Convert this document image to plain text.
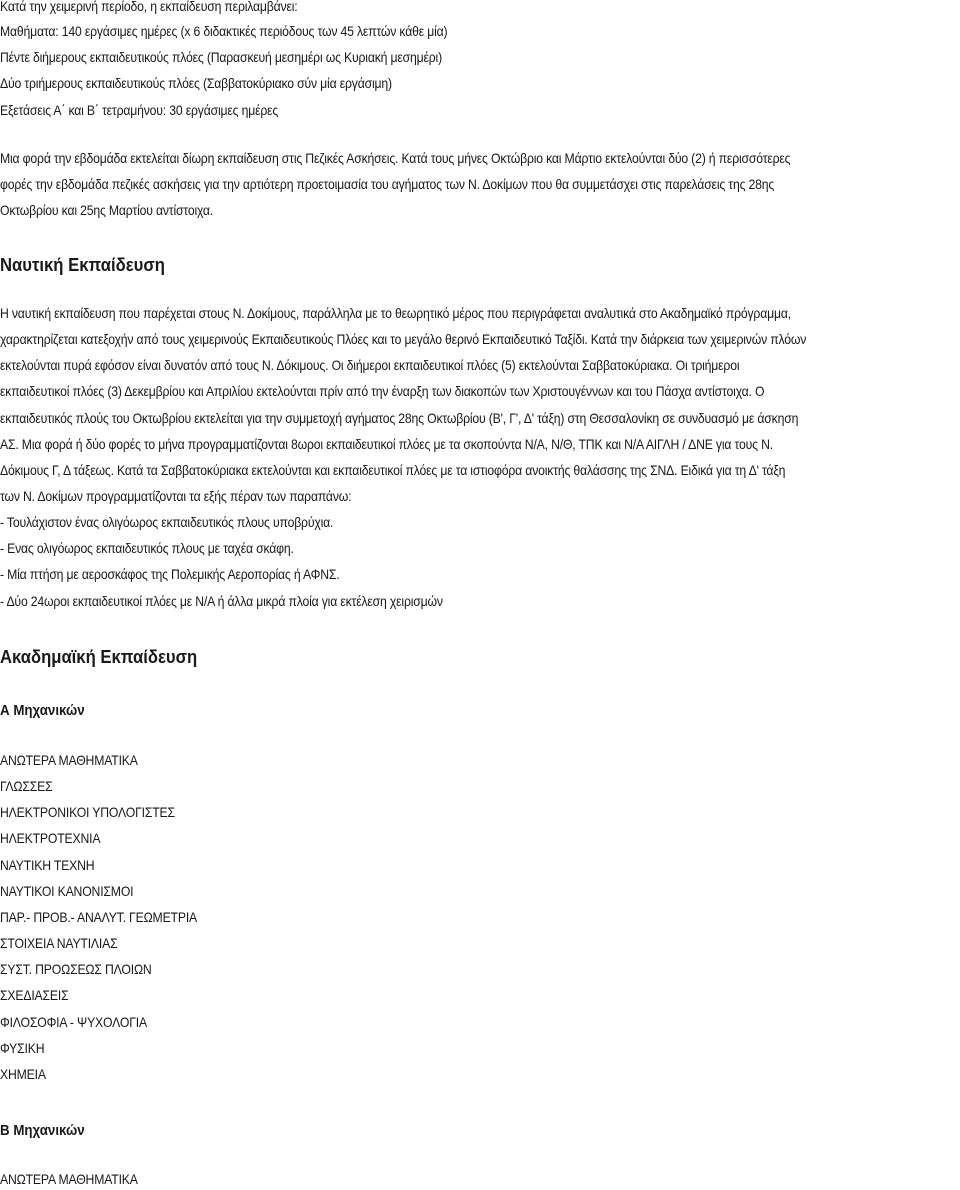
Κατά την χειμερινή περίοδο, η εκπαίδευση περιλαμβάνει:

Μαθήματα: 140 εργάσιμες ημέρες (x 6 διδακτικές περιόδους των 45 λεπτών κάθε μία)

Πέντε διήμερους εκπαιδευτικούς πλόες (Παρασκευή μεσημέρι ως Κυριακή μεσημέρι)

Δύο τριήμερους εκπαιδευτικούς πλόες (Σαββατοκύριακο σύν μία εργάσιμη)

Εξετάσεις Α΄ και Β΄ τετραμήνου: 30 εργάσιμες ημέρες

Μια φορά την εβδομάδα εκτελείται δίωρη εκπαίδευση στις Πεζικές Ασκήσεις. Κατά τους μήνες Οκτώβριο και Μάρτιο εκτελούνται δύο (2) ή περισσότερες

φορές την εβδομάδα πεζικές ασκήσεις για την αρτιότερη προετοιμασία του αγήματος των Ν. Δοκίμων που θα συμμετάσχει στις παρελάσεις της 28ης

Οκτωβρίου και 25ης Μαρτίου αντίστοιχα.

Ναυτική Εκπαίδευση

Η ναυτική εκπαίδευση που παρέχεται στους Ν. Δοκίμους, παράλληλα με το θεωρητικό μέρος που περιγράφεται αναλυτικά στο Ακαδημαϊκό πρόγραμμα,

χαρακτηρίζεται κατεξοχήν από τους χειμερινούς Εκπαιδευτικούς Πλόες και το μεγάλο θερινό Εκπαιδευτικό Ταξίδι. Κατά την διάρκεια των χειμερινών πλόων

εκτελούνται πυρά εφόσον είναι δυνατόν από τους Ν. Δόκιμους. Οι διήμεροι εκπαιδευτικοί πλόες (5) εκτελούνται Σαββατοκύριακα. Οι τριήμεροι

εκπαιδευτικοί πλόες (3) Δεκεμβρίου και Απριλίου εκτελούνται πρίν από την έναρξη των διακοπών των Χριστουγέννων και του Πάσχα αντίστοιχα. Ο

εκπαιδευτικός πλούς του Οκτωβρίου εκτελείται για την συμμετοχή αγήματος 28ης Οκτωβρίου (Β', Γ', Δ' τάξη) στη Θεσσαλονίκη σε συνδυασμό με άσκηση

ΑΣ. Μια φορά ή δύο φορές το μήνα προγραμματίζονται 8ωροι εκπαιδευτικοί πλόες με τα σκοπούντα Ν/Α, Ν/Θ, ΤΠΚ και Ν/Α ΑΙΓΛΗ / ΔΝΕ για τους Ν.

Δόκιμους Γ, Δ τάξεως. Κατά τα Σαββατοκύριακα εκτελούνται και εκπαιδευτικοί πλόες με τα ιστιοφόρα ανοικτής θαλάσσης της ΣΝΔ. Ειδικά για τη Δ' τάξη

των Ν. Δοκίμων προγραμματίζονται τα εξής πέραν των παραπάνω:

- Τουλάχιστον ένας ολιγόωρος εκπαιδευτικός πλους υποβρύχια.

- Ενας ολιγόωρος εκπαιδευτικός πλους με ταχέα σκάφη.

- Μία πτήση με αεροσκάφος της Πολεμικής Αεροπορίας ή ΑΦΝΣ.

- Δύο 24ωροι εκπαιδευτικοί πλόες με Ν/Α ή άλλα μικρά πλοία για εκτέλεση χειρισμών

Ακαδημαϊκή Εκπαίδευση
Α Μηχανικών

ΑΝΩΤΕΡΑ ΜΑΘΗΜΑΤΙΚΑ

ΓΛΩΣΣΕΣ

ΗΛΕΚΤΡΟΝΙΚΟΙ ΥΠΟΛΟΓΙΣΤΕΣ

ΗΛΕΚΤΡΟΤΕΧΝΙΑ

ΝΑΥΤΙΚΗ ΤΕΧΝΗ

ΝΑΥΤΙΚΟΙ ΚΑΝΟΝΙΣΜΟΙ

ΠΑΡ.- ΠΡΟΒ.- ΑΝΑΛΥΤ. ΓΕΩΜΕΤΡΙΑ

ΣΤΟΙΧΕΙΑ ΝΑΥΤΙΛΙΑΣ

ΣΥΣΤ. ΠΡΟΩΣΕΩΣ ΠΛΟΙΩΝ

ΣΧΕΔΙΑΣΕΙΣ

ΦΙΛΟΣΟΦΙΑ - ΨΥΧΟΛΟΓΙΑ

ΦΥΣΙΚΗ

ΧΗΜΕΙΑ

Β Μηχανικών

ΑΝΩΤΕΡΑ ΜΑΘΗΜΑΤΙΚΑ
